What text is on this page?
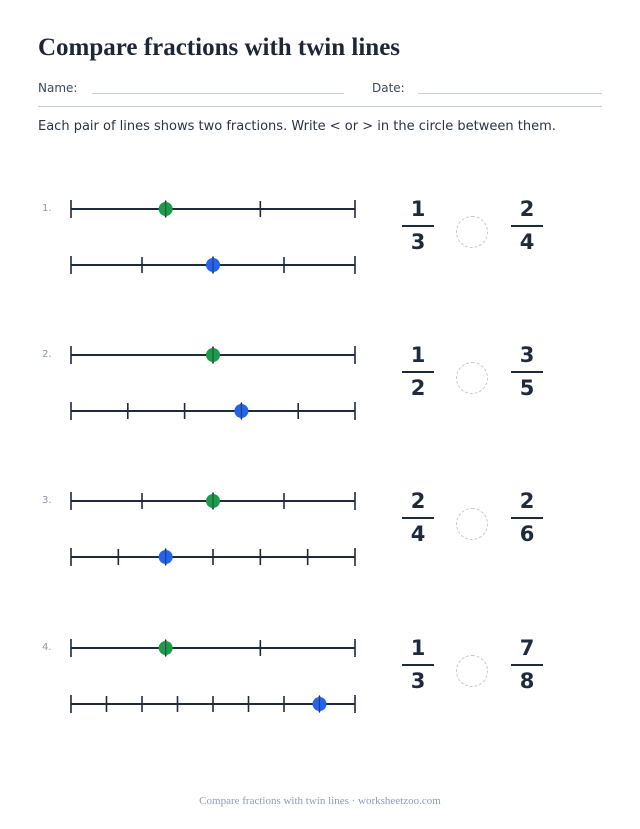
Compare fractions with twin lines
Name:	Date:
Each pair of lines shows two fractions. Write < or > in the circle between them.
1.	1
3
2
4
2.	1
2
3
5
3.	2
4
2
6
4.	1
3
7
8
Compare fractions with twin lines · worksheetzoo.com
